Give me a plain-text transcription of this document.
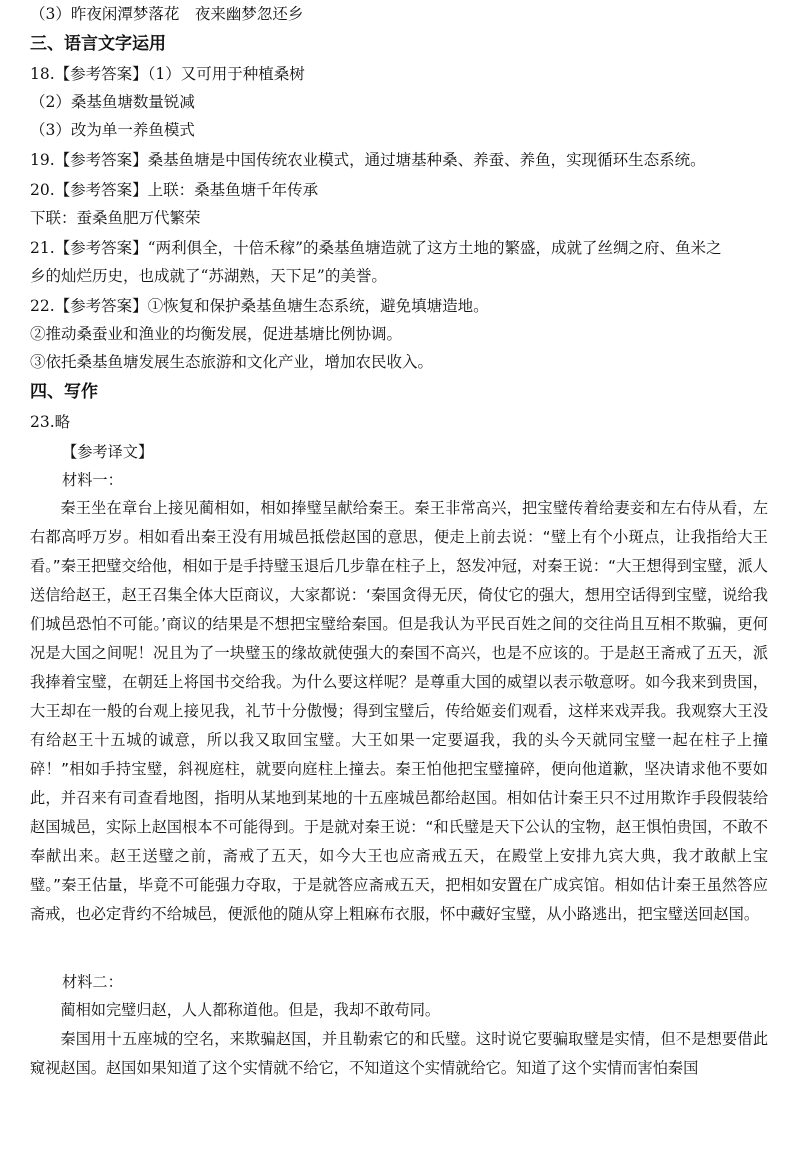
（3）昨夜闲潭梦落花　夜来幽梦忽还乡

三、语言文字运用

18.【参考答案】（1）又可用于种植桑树

（2）桑基鱼塘数量锐减

（3）改为单一养鱼模式

19.【参考答案】桑基鱼塘是中国传统农业模式，通过塘基种桑、养蚕、养鱼，实现循环生态系统。

20.【参考答案】上联：桑基鱼塘千年传承

下联：蚕桑鱼肥万代繁荣

21.【参考答案】“两利俱全，十倍禾稼”的桑基鱼塘造就了这方土地的繁盛，成就了丝绸之府、鱼米之

乡的灿烂历史，也成就了“苏湖熟，天下足”的美誉。

22.【参考答案】①恢复和保护桑基鱼塘生态系统，避免填塘造地。

②推动桑蚕业和渔业的均衡发展，促进基塘比例协调。

③依托桑基鱼塘发展生态旅游和文化产业，增加农民收入。

四、写作

23.略

【参考译文】

材料一：

秦王坐在章台上接见蔺相如，相如捧璧呈献给秦王。秦王非常高兴，把宝璧传着给妻妾和左右侍从看，左右都高呼万岁。相如看出秦王没有用城邑抵偿赵国的意思，便走上前去说：“璧上有个小斑点，让我指给大王看。”秦王把璧交给他，相如于是手持璧玉退后几步靠在柱子上，怒发冲冠，对秦王说：“大王想得到宝璧，派人送信给赵王，赵王召集全体大臣商议，大家都说：‘秦国贪得无厌，倚仗它的强大，想用空话得到宝璧，说给我们城邑恐怕不可能。’商议的结果是不想把宝璧给秦国。但是我认为平民百姓之间的交往尚且互相不欺骗，更何况是大国之间呢！况且为了一块璧玉的缘故就使强大的秦国不高兴，也是不应该的。于是赵王斋戒了五天，派我捧着宝璧，在朝廷上将国书交给我。为什么要这样呢？是尊重大国的威望以表示敬意呀。如今我来到贵国，大王却在一般的台观上接见我，礼节十分傲慢；得到宝璧后，传给姬妾们观看，这样来戏弄我。我观察大王没有给赵王十五城的诚意，所以我又取回宝璧。大王如果一定要逼我，我的头今天就同宝璧一起在柱子上撞碎！”相如手持宝璧，斜视庭柱，就要向庭柱上撞去。秦王怕他把宝璧撞碎，便向他道歉，坚决请求他不要如此，并召来有司查看地图，指明从某地到某地的十五座城邑都给赵国。相如估计秦王只不过用欺诈手段假装给赵国城邑，实际上赵国根本不可能得到。于是就对秦王说：“和氏璧是天下公认的宝物，赵王惧怕贵国，不敢不奉献出来。赵王送璧之前，斋戒了五天，如今大王也应斋戒五天，在殿堂上安排九宾大典，我才敢献上宝璧。”秦王估量，毕竟不可能强力夺取，于是就答应斋戒五天，把相如安置在广成宾馆。相如估计秦王虽然答应斋戒，也必定背约不给城邑，便派他的随从穿上粗麻布衣服，怀中藏好宝璧，从小路逃出，把宝璧送回赵国。

材料二：

蔺相如完璧归赵，人人都称道他。但是，我却不敢苟同。

秦国用十五座城的空名，来欺骗赵国，并且勒索它的和氏璧。这时说它要骗取璧是实情，但不是想要借此窥视赵国。赵国如果知道了这个实情就不给它，不知道这个实情就给它。知道了这个实情而害怕秦国
